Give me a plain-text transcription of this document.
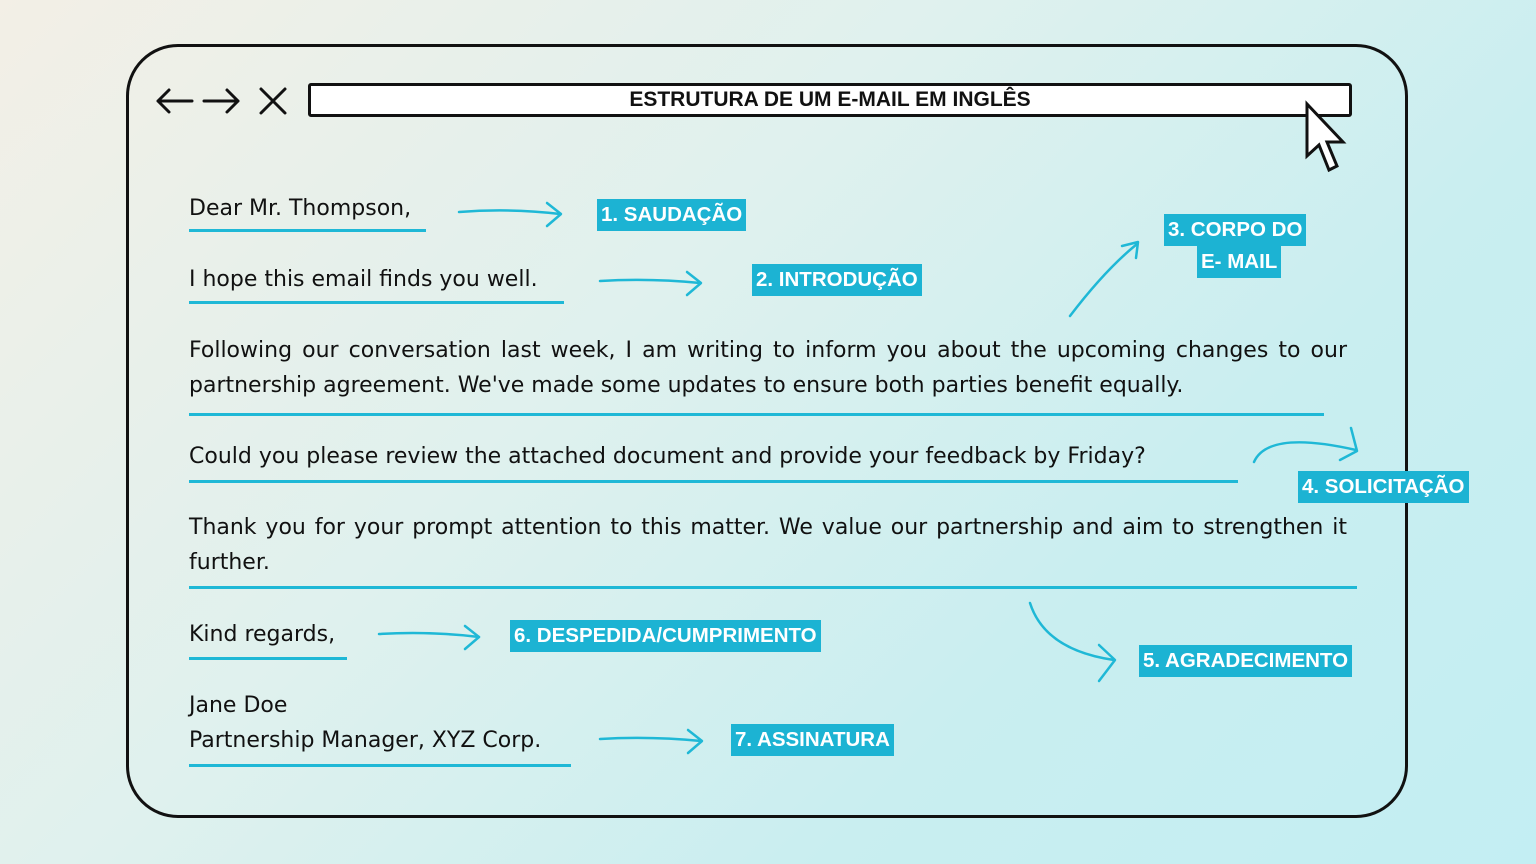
ESTRUTURA DE UM E-MAIL EM INGLÊS
Dear Mr. Thompson,
I hope this email finds you well.
Following our conversation last week, I am writing to inform you about the upcoming changes to our partnership agreement. We've made some updates to ensure both parties benefit equally.
Could you please review the attached document and provide your feedback by Friday?
Thank you for your prompt attention to this matter. We value our partnership and aim to strengthen it further.
Kind regards,
Jane Doe
Partnership Manager, XYZ Corp.
1. SAUDAÇÃO
2. INTRODUÇÃO
3. CORPO DO
E- MAIL
4. SOLICITAÇÃO
5. AGRADECIMENTO
6. DESPEDIDA/CUMPRIMENTO
7. ASSINATURA
